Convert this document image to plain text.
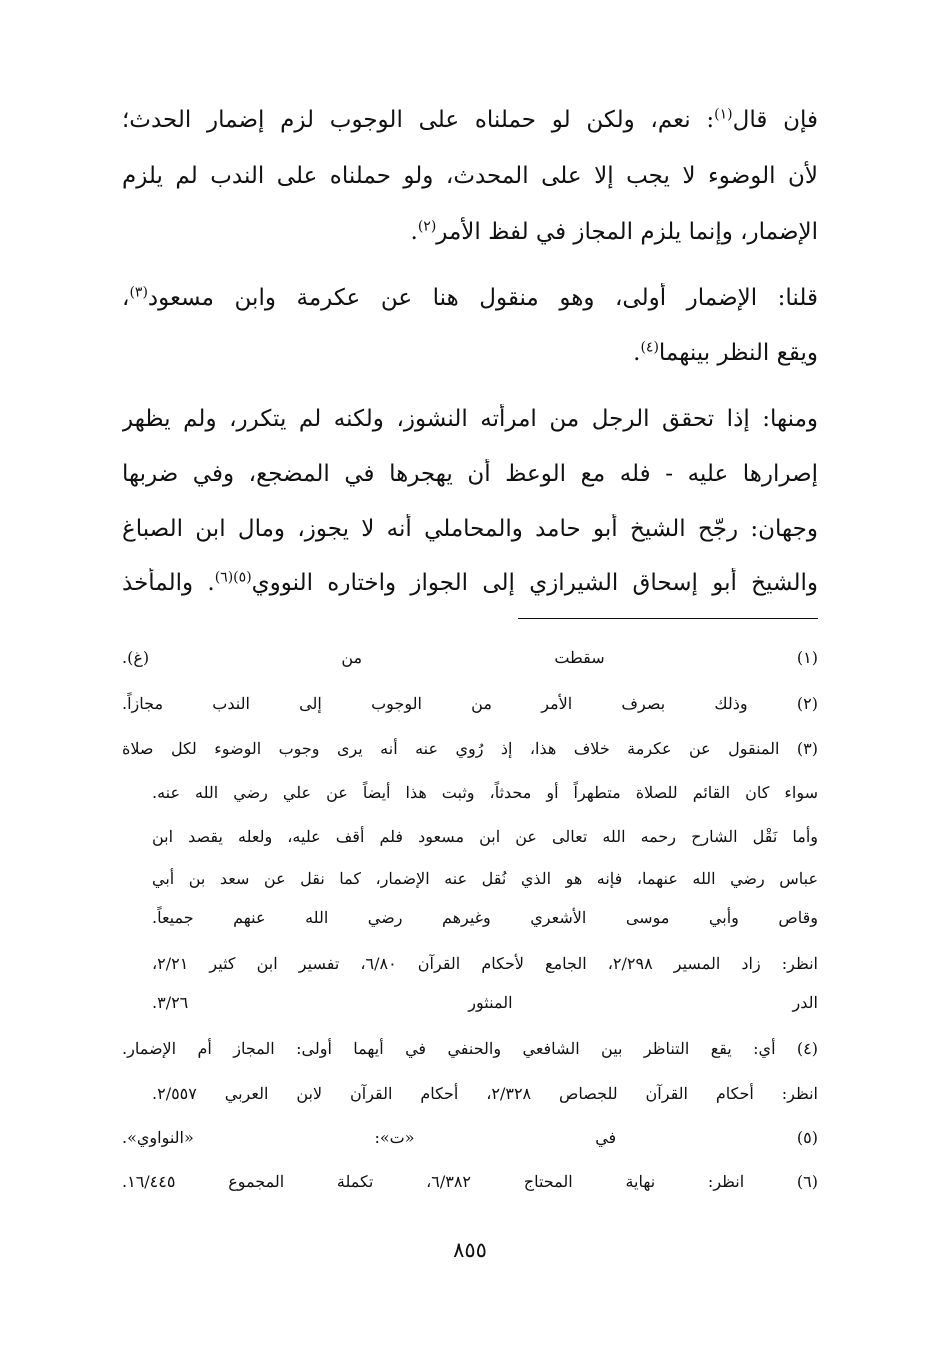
فإن قال$^{(١)}$: نعم، ولكن لو حملناه على الوجوب لزم إضمار الحدث؛

لأن الوضوء لا يجب إلا على المحدث، ولو حملناه على الندب لم يلزم

الإضمار، وإنما يلزم المجاز في لفظ الأمر$^{(٢)}$.

قلنا: الإضمار أولى، وهو منقول هنا عن عكرمة وابن مسعود$^{(٣)}$،

ويقع النظر بينهما$^{(٤)}$.

ومنها: إذا تحقق الرجل من امرأته النشوز، ولكنه لم يتكرر، ولم يظهر

إصرارها عليه - فله مع الوعظ أن يهجرها في المضجع، وفي ضربها

وجهان: رجّح الشيخ أبو حامد والمحاملي أنه لا يجوز، ومال ابن الصباغ

والشيخ أبو إسحاق الشيرازي إلى الجواز واختاره النووي$^{(٥)(٦)}$. والمأخذ

(١) سقطت من (غ).

(٢) وذلك بصرف الأمر من الوجوب إلى الندب مجازاً.

(٣) المنقول عن عكرمة خلاف هذا، إذ رُوي عنه أنه يرى وجوب الوضوء لكل صلاة

سواء كان القائم للصلاة متطهراً أو محدثاً، وثبت هذا أيضاً عن علي رضي الله عنه.

وأما نَقْل الشارح رحمه الله تعالى عن ابن مسعود فلم أقف عليه، ولعله يقصد ابن

عباس رضي الله عنهما، فإنه هو الذي نُقل عنه الإضمار، كما نقل عن سعد بن أبي

وقاص وأبي موسى الأشعري وغيرهم رضي الله عنهم جميعاً.

انظر: زاد المسير ٢/٢٩٨، الجامع لأحكام القرآن ٦/٨٠، تفسير ابن كثير ٢/٢١،

الدر المنثور ٣/٢٦.

(٤) أي: يقع التناظر بين الشافعي والحنفي في أيهما أولى: المجاز أم الإضمار.

انظر: أحكام القرآن للجصاص ٢/٣٢٨، أحكام القرآن لابن العربي ٢/٥٥٧.

(٥) في «ت»: «النواوي».

(٦) انظر: نهاية المحتاج ٦/٣٨٢، تكملة المجموع ١٦/٤٤٥.

٨٥٥
